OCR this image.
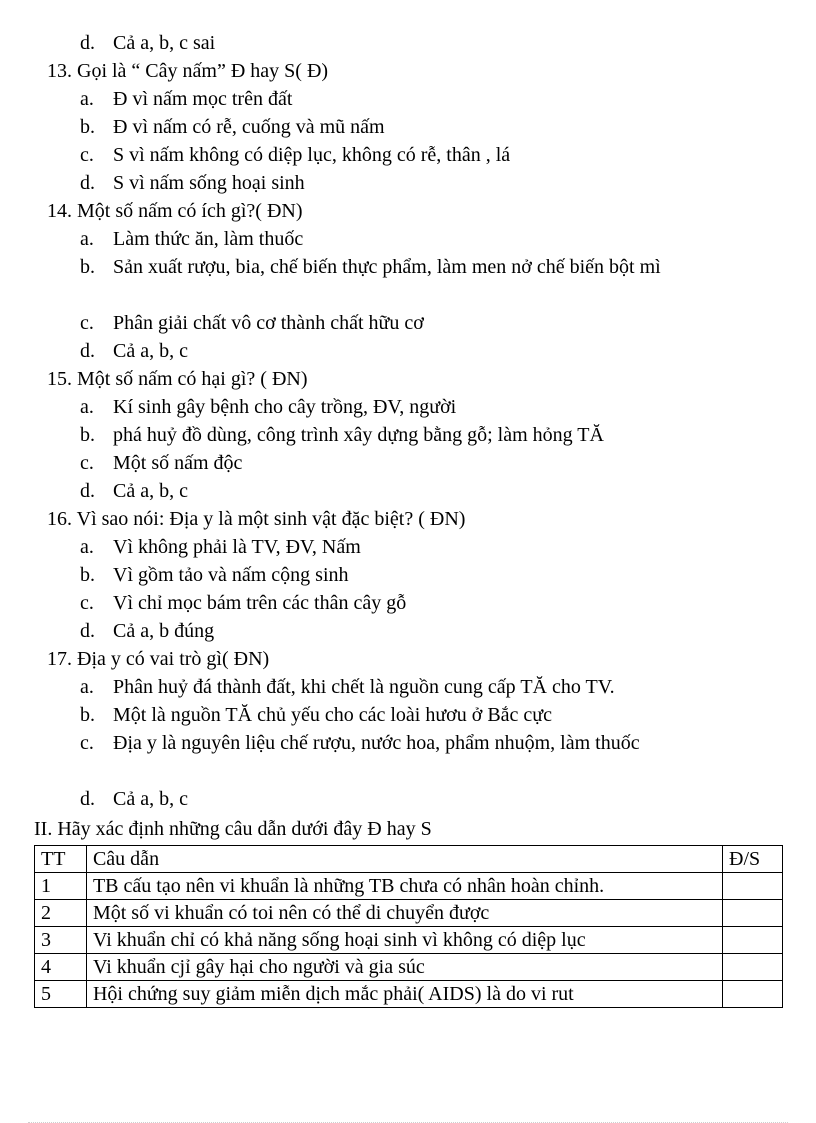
d. Cả a, b, c sai
13. Gọi là “ Cây nấm” Đ hay S( Đ)
a. Đ vì nấm mọc trên đất
b. Đ vì nấm có rễ, cuống và mũ nấm
c. S vì nấm không có diệp lục, không có rễ, thân , lá
d. S vì nấm sống hoại sinh
14. Một số nấm có ích gì?( ĐN)
a. Làm thức ăn, làm thuốc
b. Sản xuất rượu, bia, chế biến thực phẩm, làm men nở chế biến bột mì
c. Phân giải chất vô cơ thành chất hữu cơ
d. Cả a, b, c
15. Một số nấm có hại gì? ( ĐN)
a. Kí sinh gây bệnh cho cây trồng, ĐV, người
b. phá huỷ đồ dùng, công trình xây dựng bằng gỗ; làm hỏng TĂ
c. Một số nấm độc
d. Cả a, b, c
16. Vì sao nói: Địa y là một sinh vật đặc biệt? ( ĐN)
a. Vì không phải là TV, ĐV, Nấm
b. Vì gồm tảo và nấm cộng sinh
c. Vì chỉ mọc bám trên các thân cây gỗ
d. Cả a, b đúng
17. Địa y có vai trò gì( ĐN)
a. Phân huỷ đá thành đất, khi chết là nguồn cung cấp TĂ cho TV.
b. Một là nguồn TĂ chủ yếu cho các loài hươu ở Bắc cực
c. Địa y là nguyên liệu chế rượu, nước hoa, phẩm nhuộm, làm thuốc
d. Cả a, b, c
II. Hãy xác định những câu dẫn dưới đây Đ hay S
TT	Câu dẫn	Đ/S
1	TB cấu tạo nên vi khuẩn là những TB chưa có nhân hoàn chỉnh.	
2	Một số vi khuẩn có toi nên có thể di chuyển được	
3	Vi khuẩn chỉ có khả năng sống hoại sinh vì không có diệp lục	
4	Vi khuẩn cjỉ gây hại cho người và gia súc	
5	Hội chứng suy giảm miễn dịch mắc phải( AIDS) là do vi rut	
